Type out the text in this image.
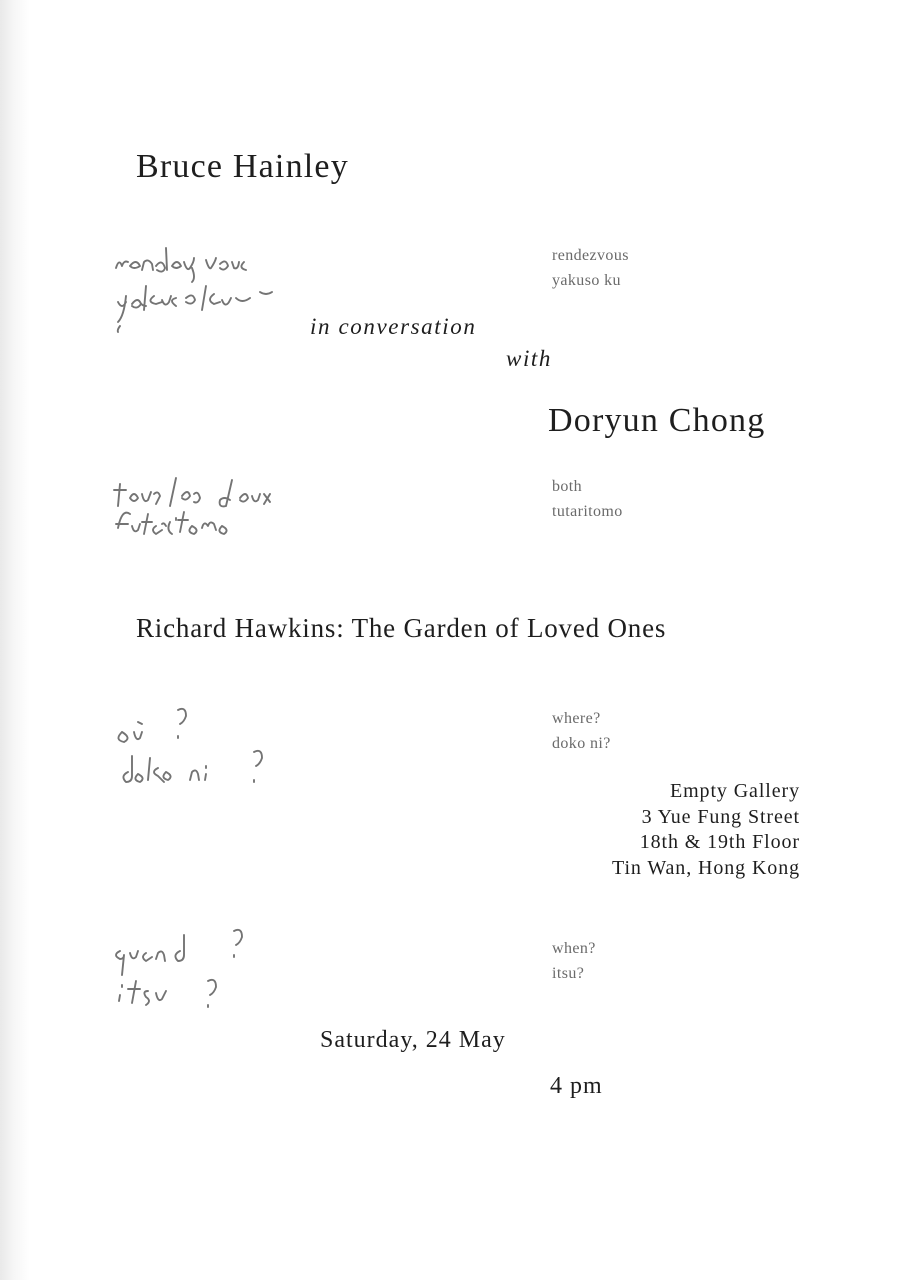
Bruce Hainley
rendezvous
yakuso ku
in conversation
with
Doryun Chong
both
tutaritomo
Richard Hawkins: The Garden of Loved Ones
where?
doko ni?
Empty Gallery
3 Yue Fung Street
18th & 19th Floor
Tin Wan, Hong Kong
when?
itsu?
Saturday, 24 May
4 pm
